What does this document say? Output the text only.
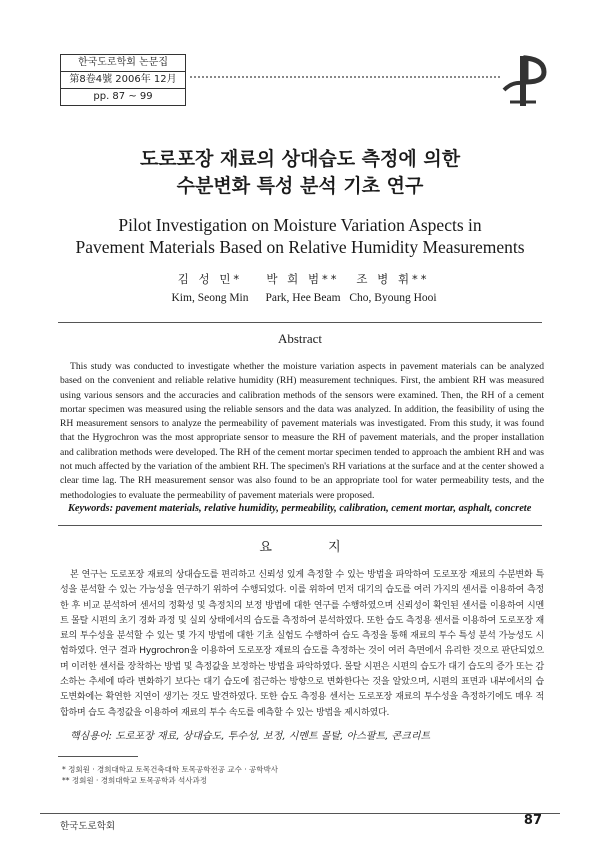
한국도로학회 논문집
第8卷4號 2006年 12月
pp. 87 ~ 99
도로포장 재료의 상대습도 측정에 의한
수분변화 특성 분석 기초 연구
Pilot Investigation on Moisture Variation Aspects in
Pavement Materials Based on Relative Humidity Measurements
김 성 민*	박 희 범**	조 병 휘**
Kim, Seong Min	Park, Hee Beam Cho, Byoung Hooi
Abstract

This study was conducted to investigate whether the moisture variation aspects in pavement materials can be analyzed based on the convenient and reliable relative humidity (RH) measurement techniques. First, the ambient RH was measured using various sensors and the accuracies and calibration methods of the sensors were examined. Then, the RH of a cement mortar specimen was measured using the reliable sensors and the data was analyzed. In addition, the feasibility of using the RH measurement sensors to analyze the permeability of pavement materials was investigated. From this study, it was found that the Hygrochron was the most appropriate sensor to measure the RH of pavement materials, and the proper installation and calibration methods were developed. The RH of the cement mortar specimen tended to approach the ambient RH and was not much affected by the variation of the ambient RH. The specimen's RH variations at the surface and at the center showed a clear time lag. The RH measurement sensor was also found to be an appropriate tool for water permeability tests, and the methodologies to evaluate the permeability of pavement materials were proposed.

Keywords: pavement materials, relative humidity, permeability, calibration, cement mortar, asphalt, concrete
요 지

본 연구는 도로포장 재료의 상대습도를 편리하고 신뢰성 있게 측정할 수 있는 방법을 파악하여 도로포장 재료의 수분변화 특성을 분석할 수 있는 가능성을 연구하기 위하여 수행되었다. 이를 위하여 먼저 대기의 습도를 여러 가지의 센서를 이용하여 측정한 후 비교 분석하여 센서의 정확성 및 측정치의 보정 방법에 대한 연구를 수행하였으며 신뢰성이 확인된 센서를 이용하여 시멘트 몰탈 시편의 초기 경화 과정 및 실외 상태에서의 습도를 측정하여 분석하였다. 또한 습도 측정용 센서를 이용하여 도로포장 재료의 투수성을 분석할 수 있는 몇 가지 방법에 대한 기초 실험도 수행하여 습도 측정을 통해 재료의 투수 특성 분석 가능성도 시험하였다. 연구 결과 Hygrochron을 이용하여 도로포장 재료의 습도를 측정하는 것이 여러 측면에서 유리한 것으로 판단되었으며 이러한 센서를 장착하는 방법 및 측정값을 보정하는 방법을 파악하였다. 몰탈 시편은 시편의 습도가 대기 습도의 증가 또는 감소하는 추세에 따라 변화하기 보다는 대기 습도에 접근하는 방향으로 변화한다는 것을 알았으며, 시편의 표면과 내부에서의 습도변화에는 확연한 지연이 생기는 것도 발견하였다. 또한 습도 측정용 센서는 도로포장 재료의 투수성을 측정하기에도 매우 적합하며 습도 측정값을 이용하여 재료의 투수 속도를 예측할 수 있는 방법을 제시하였다.

핵심용어: 도로포장 재료, 상대습도, 투수성, 보정, 시멘트 몰탈, 아스팔트, 콘크리트
* 정회원 · 경희대학교 토목건축대학 토목공학전공 교수 · 공학박사
** 정회원 · 경희대학교 토목공학과 석사과정
한국도로학회	87
